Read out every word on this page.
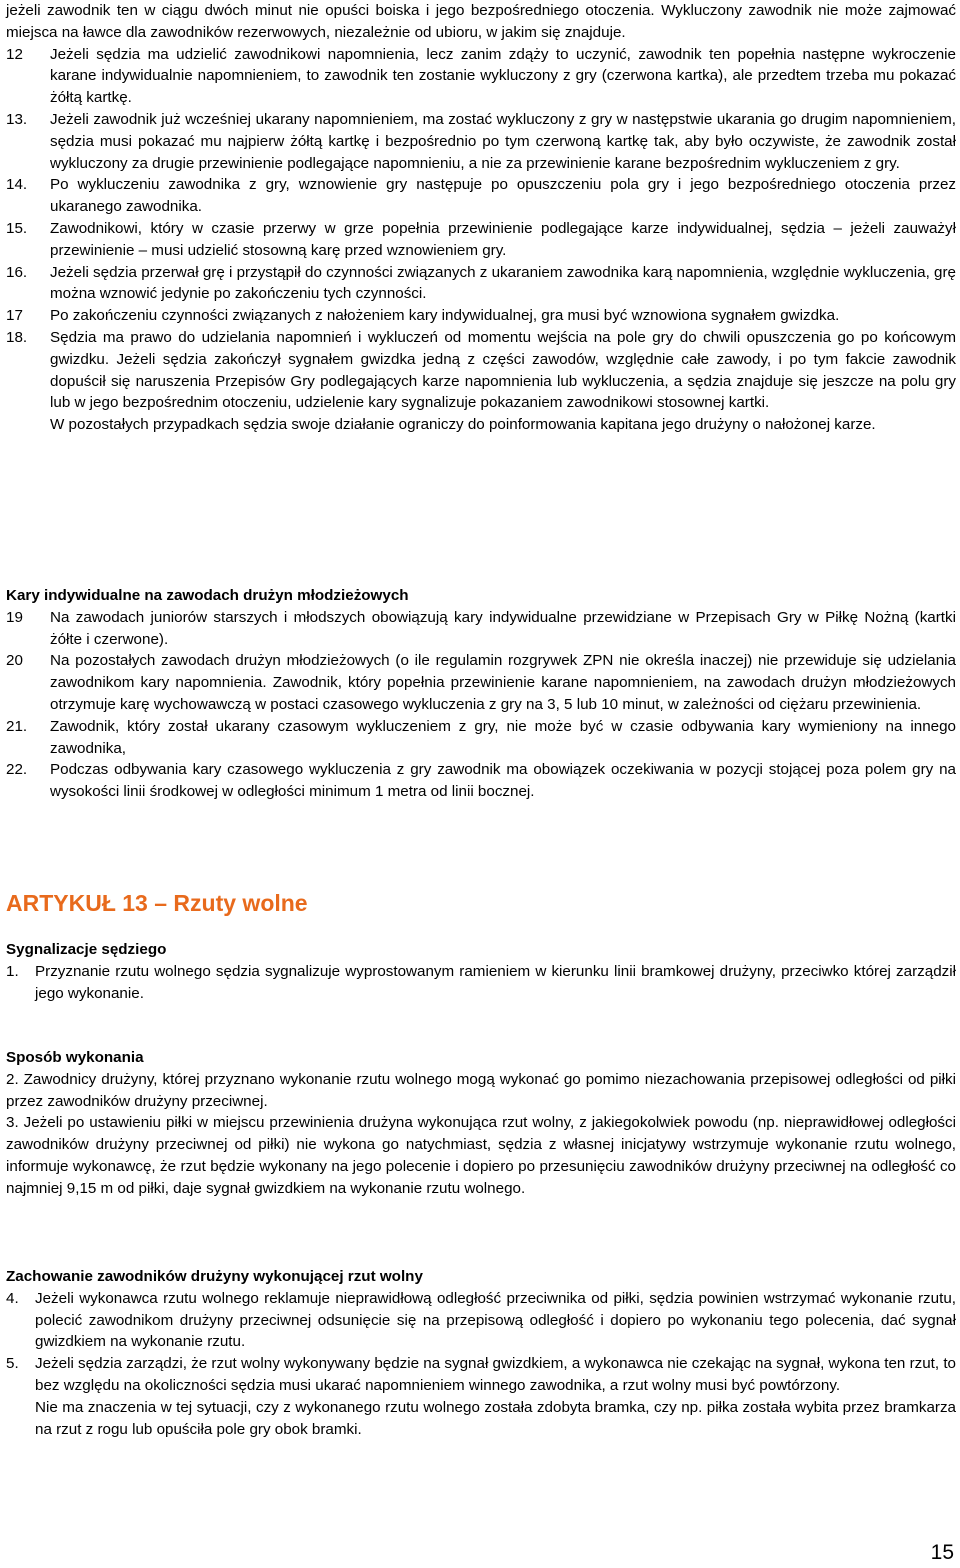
jeżeli zawodnik ten w ciągu dwóch minut nie opuści boiska i jego bezpośredniego otoczenia. Wykluczony zawodnik nie może zajmować miejsca na ławce dla zawodników rezerwowych, niezależnie od ubioru, w jakim się znajduje.

12 Jeżeli sędzia ma udzielić zawodnikowi napomnienia, lecz zanim zdąży to uczynić, zawodnik ten popełnia następne wykroczenie karane indywidualnie napomnieniem, to zawodnik ten zostanie wykluczony z gry (czerwona kartka), ale przedtem trzeba mu pokazać żółtą kartkę.
13. Jeżeli zawodnik już wcześniej ukarany napomnieniem, ma zostać wykluczony z gry w następstwie ukarania go drugim napomnieniem, sędzia musi pokazać mu najpierw żółtą kartkę i bezpośrednio po tym czerwoną kartkę tak, aby było oczywiste, że zawodnik został wykluczony za drugie przewinienie podlegające napomnieniu, a nie za przewinienie karane bezpośrednim wykluczeniem z gry.
14. Po wykluczeniu zawodnika z gry, wznowienie gry następuje po opuszczeniu pola gry i jego bezpośredniego otoczenia przez ukaranego zawodnika.
15. Zawodnikowi, który w czasie przerwy w grze popełnia przewinienie podlegające karze indywidualnej, sędzia – jeżeli zauważył przewinienie – musi udzielić stosowną karę przed wznowieniem gry.
16. Jeżeli sędzia przerwał grę i przystąpił do czynności związanych z ukaraniem zawodnika karą napomnienia, względnie wykluczenia, grę można wznowić jedynie po zakończeniu tych czynności.
17 Po zakończeniu czynności związanych z nałożeniem kary indywidualnej, gra musi być wznowiona sygnałem gwizdka.
18. Sędzia ma prawo do udzielania napomnień i wykluczeń od momentu wejścia na pole gry do chwili opuszczenia go po końcowym gwizdku. Jeżeli sędzia zakończył sygnałem gwizdka jedną z części zawodów, względnie całe zawody, i po tym fakcie zawodnik dopuścił się naruszenia Przepisów Gry podlegających karze napomnienia lub wykluczenia, a sędzia znajduje się jeszcze na polu gry lub w jego bezpośrednim otoczeniu, udzielenie kary sygnalizuje pokazaniem zawodnikowi stosownej kartki.
W pozostałych przypadkach sędzia swoje działanie ograniczy do poinformowania kapitana jego drużyny o nałożonej karze.

Kary indywidualne na zawodach drużyn młodzieżowych

19 Na zawodach juniorów starszych i młodszych obowiązują kary indywidualne przewidziane w Przepisach Gry w Piłkę Nożną (kartki żółte i czerwone).
20 Na pozostałych zawodach drużyn młodzieżowych (o ile regulamin rozgrywek ZPN nie określa inaczej) nie przewiduje się udzielania zawodnikom kary napomnienia. Zawodnik, który popełnia przewinienie karane napomnieniem, na zawodach drużyn młodzieżowych otrzymuje karę wychowawczą w postaci czasowego wykluczenia z gry na 3, 5 lub 10 minut, w zależności od ciężaru przewinienia.
21. Zawodnik, który został ukarany czasowym wykluczeniem z gry, nie może być w czasie odbywania kary wymieniony na innego zawodnika,
22. Podczas odbywania kary czasowego wykluczenia z gry zawodnik ma obowiązek oczekiwania w pozycji stojącej poza polem gry na wysokości linii środkowej w odległości minimum 1 metra od linii bocznej.

ARTYKUŁ 13 – Rzuty wolne

Sygnalizacje sędziego

1. Przyznanie rzutu wolnego sędzia sygnalizuje wyprostowanym ramieniem w kierunku linii bramkowej drużyny, przeciwko której zarządził jego wykonanie.

Sposób wykonania

2. Zawodnicy drużyny, której przyznano wykonanie rzutu wolnego mogą wykonać go pomimo niezachowania przepisowej odległości od piłki przez zawodników drużyny przeciwnej.

3. Jeżeli po ustawieniu piłki w miejscu przewinienia drużyna wykonująca rzut wolny, z jakiegokolwiek powodu (np. nieprawidłowej odległości zawodników drużyny przeciwnej od piłki) nie wykona go natychmiast, sędzia z własnej inicjatywy wstrzymuje wykonanie rzutu wolnego, informuje wykonawcę, że rzut będzie wykonany na jego polecenie i dopiero po przesunięciu zawodników drużyny przeciwnej na odległość co najmniej 9,15 m od piłki, daje sygnał gwizdkiem na wykonanie rzutu wolnego.

Zachowanie zawodników drużyny wykonującej rzut wolny

4. Jeżeli wykonawca rzutu wolnego reklamuje nieprawidłową odległość przeciwnika od piłki, sędzia powinien wstrzymać wykonanie rzutu, polecić zawodnikom drużyny przeciwnej odsunięcie się na przepisową odległość i dopiero po wykonaniu tego polecenia, dać sygnał gwizdkiem na wykonanie rzutu.
5. Jeżeli sędzia zarządzi, że rzut wolny wykonywany będzie na sygnał gwizdkiem, a wykonawca nie czekając na sygnał, wykona ten rzut, to bez względu na okoliczności sędzia musi ukarać napomnieniem winnego zawodnika, a rzut wolny musi być powtórzony.
Nie ma znaczenia w tej sytuacji, czy z wykonanego rzutu wolnego została zdobyta bramka, czy np. piłka została wybita przez bramkarza na rzut z rogu lub opuściła pole gry obok bramki.
15
